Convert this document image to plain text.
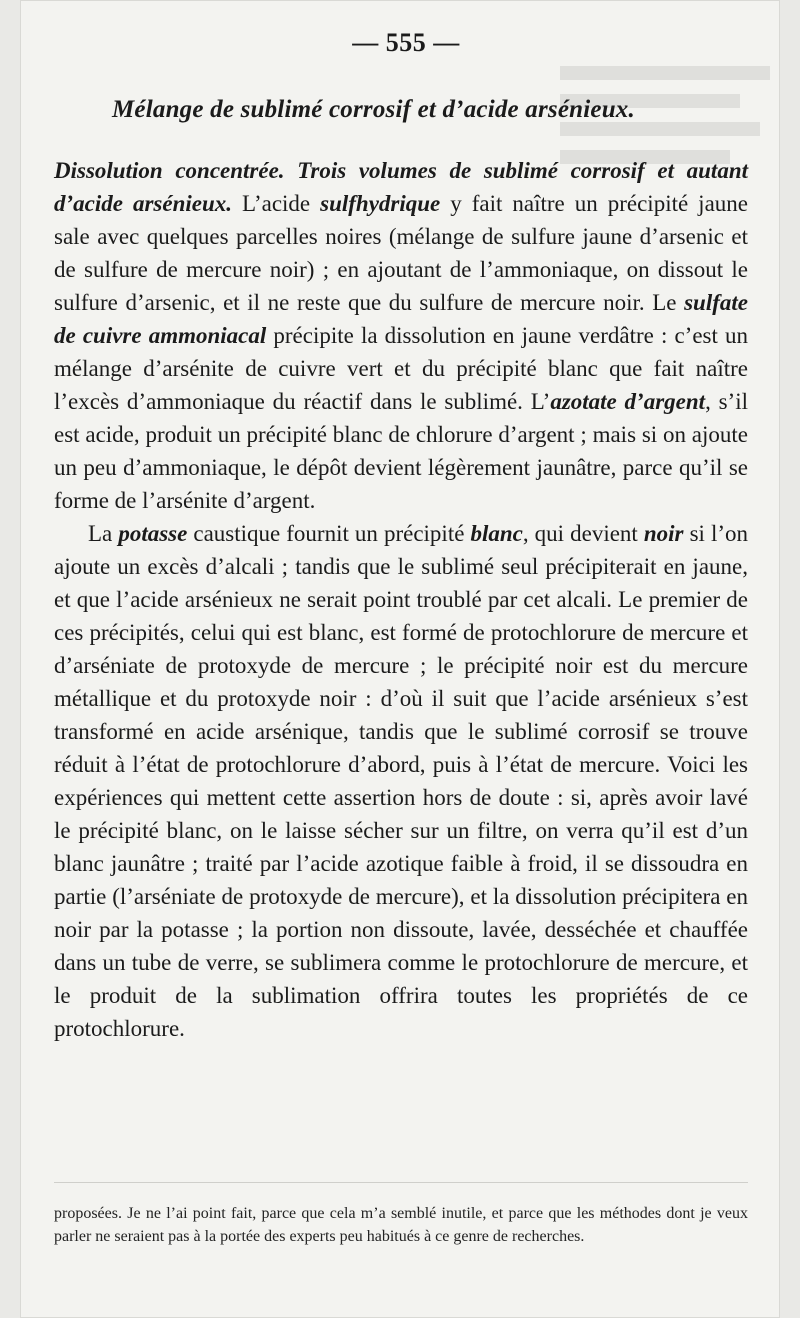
— 555 —
Mélange de sublimé corrosif et d’acide arsénieux.

Dissolution concentrée. Trois volumes de sublimé corrosif et autant d’acide arsénieux. L’acide sulfhydrique y fait naître un précipité jaune sale avec quelques parcelles noires (mélange de sulfure jaune d’arsenic et de sulfure de mercure noir) ; en ajoutant de l’ammoniaque, on dissout le sulfure d’arsenic, et il ne reste que du sulfure de mercure noir. Le sulfate de cuivre ammoniacal précipite la dissolution en jaune verdâtre : c’est un mélange d’arsénite de cuivre vert et du précipité blanc que fait naître l’excès d’ammoniaque du réactif dans le sublimé. L’azotate d’argent, s’il est acide, produit un précipité blanc de chlorure d’argent ; mais si on ajoute un peu d’ammoniaque, le dépôt devient légèrement jaunâtre, parce qu’il se forme de l’arsénite d’argent.

La potasse caustique fournit un précipité blanc, qui devient noir si l’on ajoute un excès d’alcali ; tandis que le sublimé seul précipiterait en jaune, et que l’acide arsénieux ne serait point troublé par cet alcali. Le premier de ces précipités, celui qui est blanc, est formé de protochlorure de mercure et d’arséniate de protoxyde de mercure ; le précipité noir est du mercure métallique et du protoxyde noir : d’où il suit que l’acide arsénieux s’est transformé en acide arsénique, tandis que le sublimé corrosif se trouve réduit à l’état de protochlorure d’abord, puis à l’état de mercure. Voici les expériences qui mettent cette assertion hors de doute : si, après avoir lavé le précipité blanc, on le laisse sécher sur un filtre, on verra qu’il est d’un blanc jaunâtre ; traité par l’acide azotique faible à froid, il se dissoudra en partie (l’arséniate de protoxyde de mercure), et la dissolution précipitera en noir par la potasse ; la portion non dissoute, lavée, desséchée et chauffée dans un tube de verre, se sublimera comme le protochlorure de mercure, et le produit de la sublimation offrira toutes les propriétés de ce protochlorure.

proposées. Je ne l’ai point fait, parce que cela m’a semblé inutile, et parce que les méthodes dont je veux parler ne seraient pas à la portée des experts peu habitués à ce genre de recherches.
